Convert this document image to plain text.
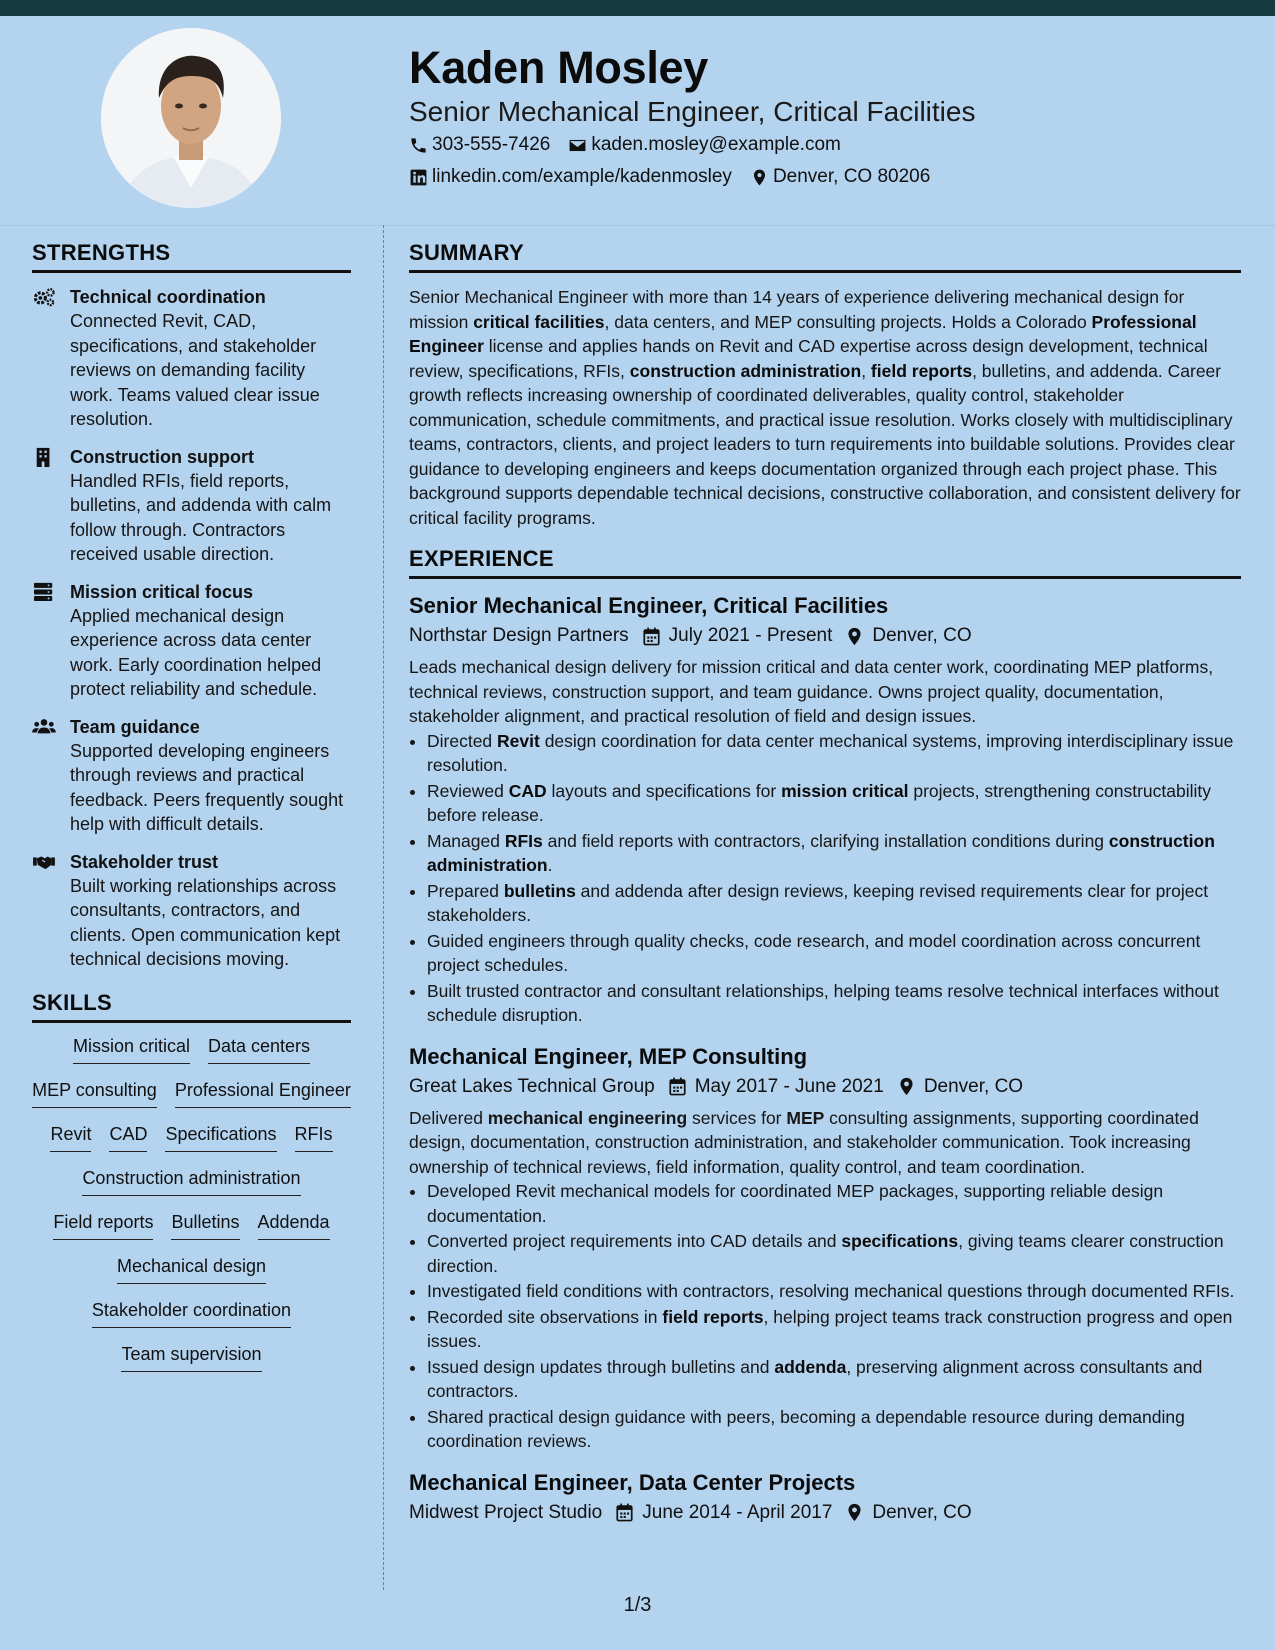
Kaden Mosley
Senior Mechanical Engineer, Critical Facilities
303-555-7426 kaden.mosley@example.com
linkedin.com/example/kadenmosley Denver, CO 80206
STRENGTHS
Technical coordination
Connected Revit, CAD, specifications, and stakeholder reviews on demanding facility work. Teams valued clear issue resolution.
Construction support
Handled RFIs, field reports, bulletins, and addenda with calm follow through. Contractors received usable direction.
Mission critical focus
Applied mechanical design experience across data center work. Early coordination helped protect reliability and schedule.
Team guidance
Supported developing engineers through reviews and practical feedback. Peers frequently sought help with difficult details.
Stakeholder trust
Built working relationships across consultants, contractors, and clients. Open communication kept technical decisions moving.
SKILLS
Mission critical Data centers
MEP consulting Professional Engineer
Revit CAD Specifications RFIs
Construction administration
Field reports Bulletins Addenda
Mechanical design
Stakeholder coordination
Team supervision
SUMMARY
Senior Mechanical Engineer with more than 14 years of experience delivering mechanical design for mission critical facilities, data centers, and MEP consulting projects. Holds a Colorado Professional Engineer license and applies hands on Revit and CAD expertise across design development, technical review, specifications, RFIs, construction administration, field reports, bulletins, and addenda. Career growth reflects increasing ownership of coordinated deliverables, quality control, stakeholder communication, schedule commitments, and practical issue resolution. Works closely with multidisciplinary teams, contractors, clients, and project leaders to turn requirements into buildable solutions. Provides clear guidance to developing engineers and keeps documentation organized through each project phase. This background supports dependable technical decisions, constructive collaboration, and consistent delivery for critical facility programs.
EXPERIENCE
Senior Mechanical Engineer, Critical Facilities
Northstar Design Partners July 2021 - Present Denver, CO
Leads mechanical design delivery for mission critical and data center work, coordinating MEP platforms, technical reviews, construction support, and team guidance. Owns project quality, documentation, stakeholder alignment, and practical resolution of field and design issues.
• Directed Revit design coordination for data center mechanical systems, improving interdisciplinary issue resolution.
• Reviewed CAD layouts and specifications for mission critical projects, strengthening constructability before release.
• Managed RFIs and field reports with contractors, clarifying installation conditions during construction administration.
• Prepared bulletins and addenda after design reviews, keeping revised requirements clear for project stakeholders.
• Guided engineers through quality checks, code research, and model coordination across concurrent project schedules.
• Built trusted contractor and consultant relationships, helping teams resolve technical interfaces without schedule disruption.
Mechanical Engineer, MEP Consulting
Great Lakes Technical Group May 2017 - June 2021 Denver, CO
Delivered mechanical engineering services for MEP consulting assignments, supporting coordinated design, documentation, construction administration, and stakeholder communication. Took increasing ownership of technical reviews, field information, quality control, and team coordination.
• Developed Revit mechanical models for coordinated MEP packages, supporting reliable design documentation.
• Converted project requirements into CAD details and specifications, giving teams clearer construction direction.
• Investigated field conditions with contractors, resolving mechanical questions through documented RFIs.
• Recorded site observations in field reports, helping project teams track construction progress and open issues.
• Issued design updates through bulletins and addenda, preserving alignment across consultants and contractors.
• Shared practical design guidance with peers, becoming a dependable resource during demanding coordination reviews.
Mechanical Engineer, Data Center Projects
Midwest Project Studio June 2014 - April 2017 Denver, CO
1/3
